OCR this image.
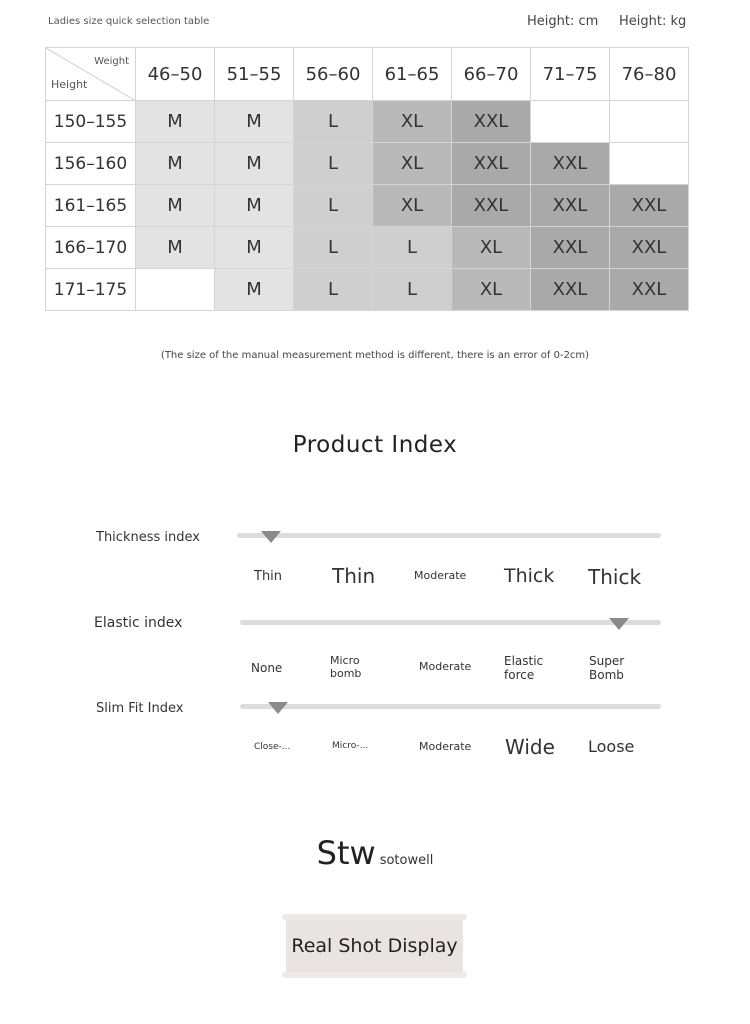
Ladies size quick selection table	Height: cm Height: kg
Weight
Height	46–50	51–55	56–60	61–65	66–70	71–75	76–80
150–155	M	M	L	XL	XXL		
156–160	M	M	L	XL	XXL	XXL	
161–165	M	M	L	XL	XXL	XXL	XXL
166–170	M	M	L	L	XL	XXL	XXL
171–175		M	L	L	XL	XXL	XXL
(The size of the manual measurement method is different, there is an error of 0-2cm)
Product Index
Thickness index
Thin Thin	Moderate Thick Thick
Elastic index
None
Micro bomb
Moderate	Elastic force
Super Bomb
Slim Fit Index
Close-...	Micro-...	Moderate Wide Loose
Stw sotowell
Real Shot Display
